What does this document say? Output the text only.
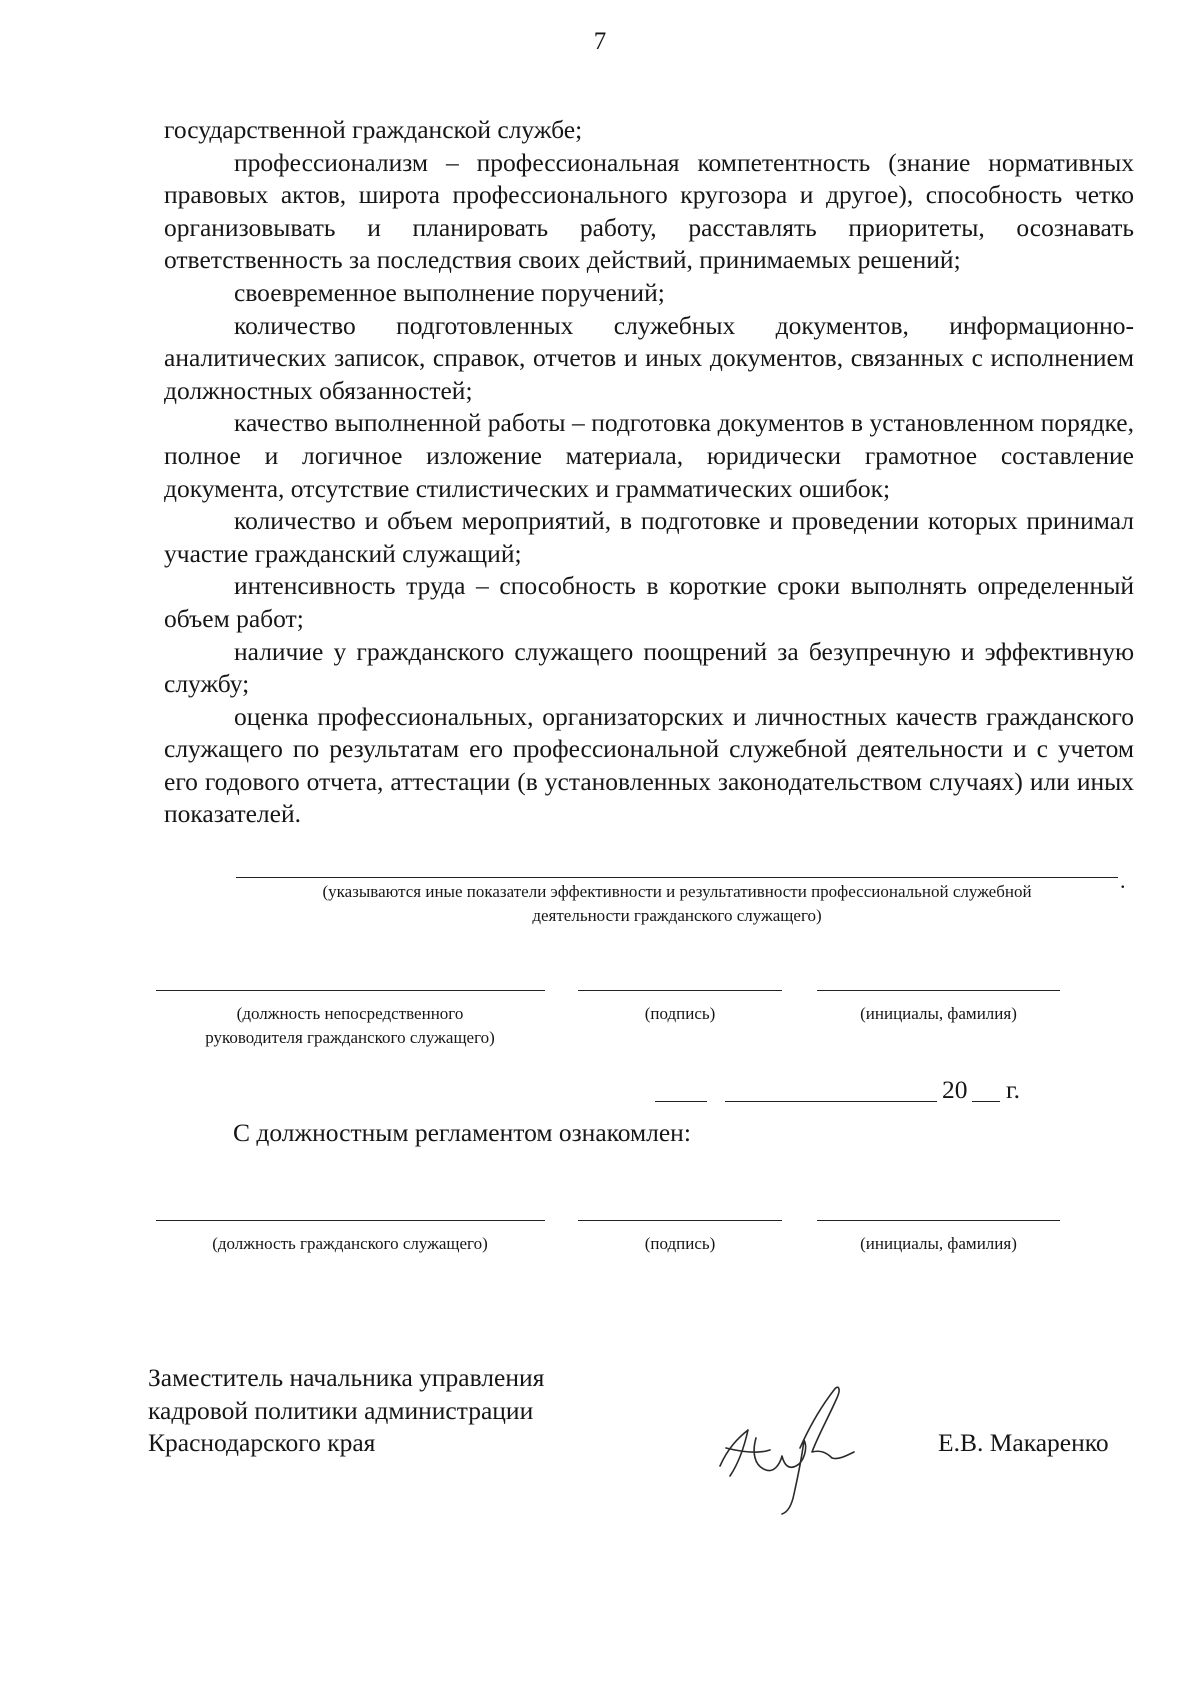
7

государственной гражданской службе;

профессионализм – профессиональная компетентность (знание нормативных правовых актов, широта профессионального кругозора и другое), способность четко организовывать и планировать работу, расставлять приоритеты, осознавать ответственность за последствия своих действий, принимаемых решений;

своевременное выполнение поручений;

количество подготовленных служебных документов, информационно-аналитических записок, справок, отчетов и иных документов, связанных с исполнением должностных обязанностей;

качество выполненной работы – подготовка документов в установленном порядке, полное и логичное изложение материала, юридически грамотное составление документа, отсутствие стилистических и грамматических ошибок;

количество и объем мероприятий, в подготовке и проведении которых принимал участие гражданский служащий;

интенсивность труда – способность в короткие сроки выполнять определенный объем работ;

наличие у гражданского служащего поощрений за безупречную и эффективную службу;

оценка профессиональных, организаторских и личностных качеств гражданского служащего по результатам его профессиональной служебной деятельности и с учетом его годового отчета, аттестации (в установленных законодательством случаях) или иных показателей.

.
(указываются иные показатели эффективности и результативности профессиональной служебной
деятельности гражданского служащего)
(должность непосредственного
руководителя гражданского служащего)
(подпись)	(инициалы, фамилия)
20 г.
С должностным регламентом ознакомлен:
(должность гражданского служащего)	(подпись)	(инициалы, фамилия)
Заместитель начальника управления
кадровой политики администрации
Краснодарского края	Е.В. Макаренко
